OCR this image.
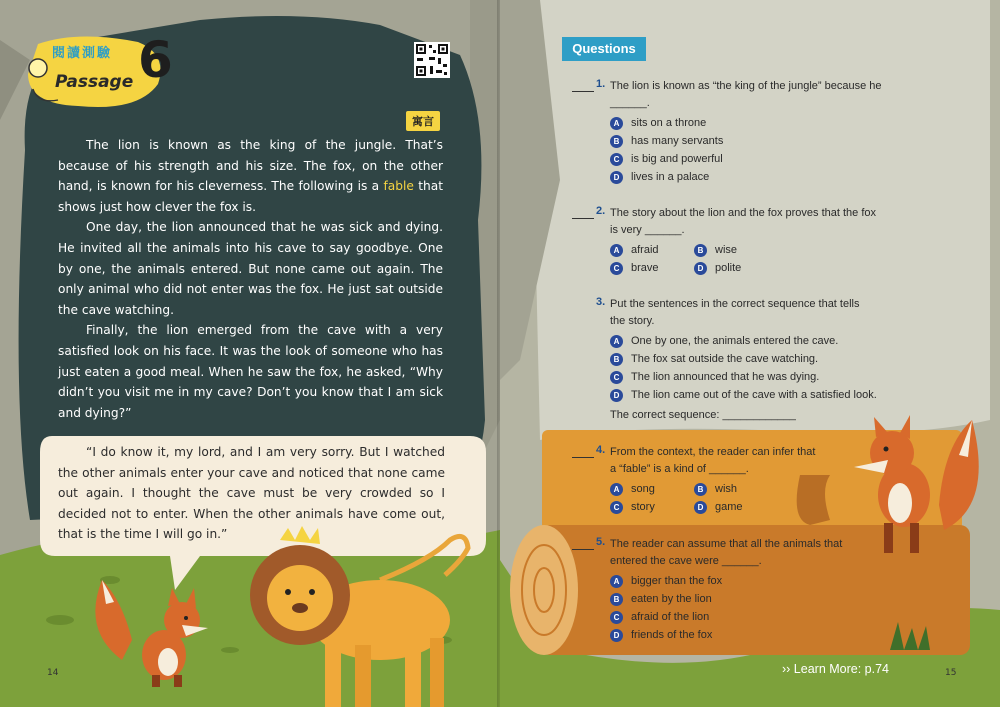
閱讀測驗
Passage 6
寓言

The lion is known as the king of the jungle. That’s because of his strength and his size. The fox, on the other hand, is known for his cleverness. The following is a fable that shows just how clever the fox is.

One day, the lion announced that he was sick and dying. He invited all the animals into his cave to say goodbye. One by one, the animals entered. But none came out again. The only animal who did not enter was the fox. He just sat outside the cave watching.

Finally, the lion emerged from the cave with a very satisfied look on his face. It was the look of someone who has just eaten a good meal. When he saw the fox, he asked, “Why didn’t you visit me in my cave? Don’t you know that I am sick and dying?”

“I do know it, my lord, and I am very sorry. But I watched the other animals enter your cave and noticed that none came out again. I thought the cave must be very crowded so I decided not to enter. When the other animals have come out, that is the time I will go in.”

14	15
Questions
1. The lion is known as “the king of the jungle” because he
______.
A sits on a throne
B has many servants
C is big and powerful
D lives in a palace
2. The story about the lion and the fox proves that the fox
is very ______.
A afraid	B wise
C brave	D polite
3. Put the sentences in the correct sequence that tells
the story.
A One by one, the animals entered the cave.
B The fox sat outside the cave watching.
C The lion announced that he was dying.
D The lion came out of the cave with a satisfied look.
The correct sequence: ____________
4. From the context, the reader can infer that
a “fable” is a kind of ______.
A song	B wish
C story	D game
5. The reader can assume that all the animals that
entered the cave were ______.
A bigger than the fox
B eaten by the lion
C afraid of the lion
D friends of the fox
›› Learn More: p.74
